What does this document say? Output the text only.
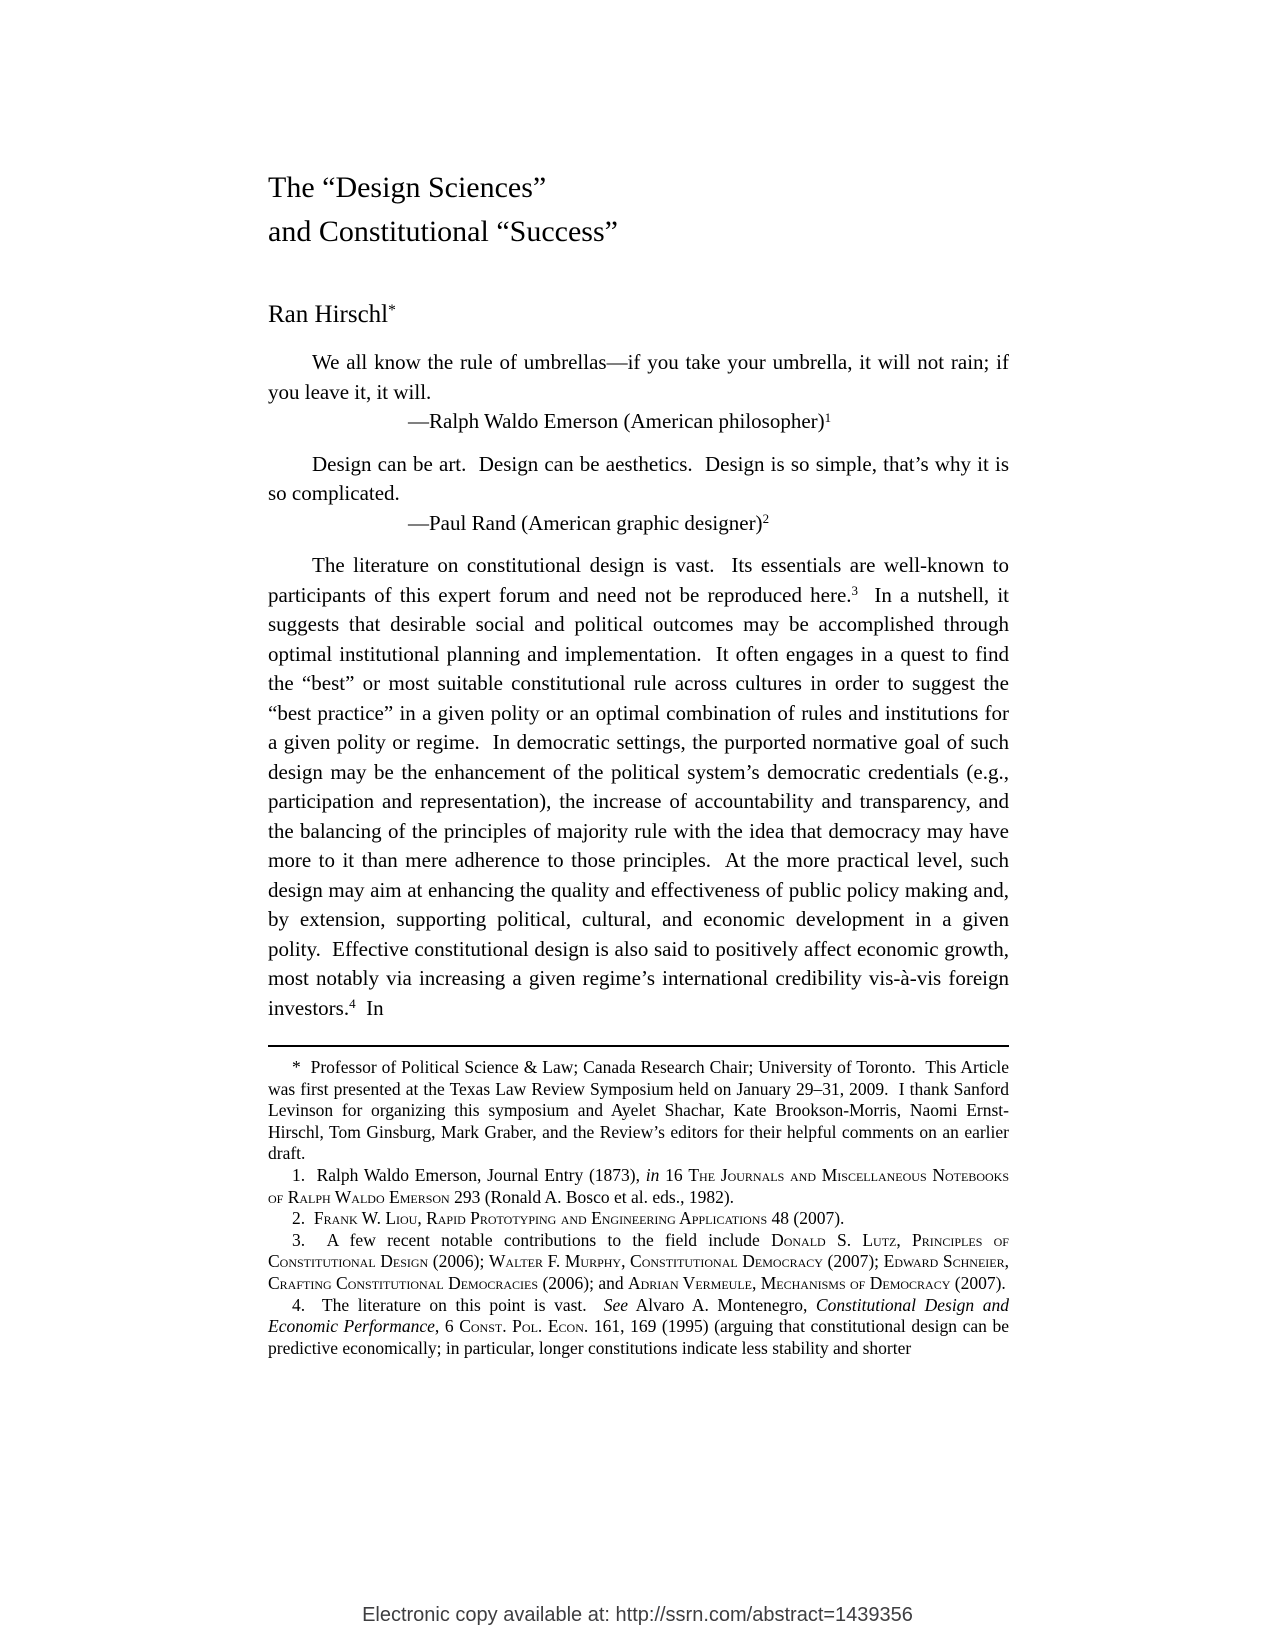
The “Design Sciences”
and Constitutional “Success”
Ran Hirschl*

We all know the rule of umbrellas—if you take your umbrella, it will not rain; if you leave it, it will.

—Ralph Waldo Emerson (American philosopher)$^1$

Design can be art.  Design can be aesthetics.  Design is so simple, that’s why it is so complicated.

—Paul Rand (American graphic designer)$^2$

The literature on constitutional design is vast.  Its essentials are well-known to participants of this expert forum and need not be reproduced here.$^3$  In a nutshell, it suggests that desirable social and political outcomes may be accomplished through optimal institutional planning and implementation.  It often engages in a quest to find the “best” or most suitable constitutional rule across cultures in order to suggest the “best practice” in a given polity or an optimal combination of rules and institutions for a given polity or regime.  In democratic settings, the purported normative goal of such design may be the enhancement of the political system’s democratic credentials (e.g., participation and representation), the increase of accountability and transparency, and the balancing of the principles of majority rule with the idea that democracy may have more to it than mere adherence to those principles.  At the more practical level, such design may aim at enhancing the quality and effectiveness of public policy making and, by extension, supporting political, cultural, and economic development in a given polity.  Effective constitutional design is also said to positively affect economic growth, most notably via increasing a given regime’s international credibility vis-à-vis foreign investors.$^4$  In

*  Professor of Political Science & Law; Canada Research Chair; University of Toronto.  This Article was first presented at the Texas Law Review Symposium held on January 29–31, 2009.  I thank Sanford Levinson for organizing this symposium and Ayelet Shachar, Kate Brookson-Morris, Naomi Ernst-Hirschl, Tom Ginsburg, Mark Graber, and the Review’s editors for their helpful comments on an earlier draft.

1.  Ralph Waldo Emerson, Journal Entry (1873), in 16 The Journals and Miscellaneous Notebooks of Ralph Waldo Emerson 293 (Ronald A. Bosco et al. eds., 1982).

2.  Frank W. Liou, Rapid Prototyping and Engineering Applications 48 (2007).

3.  A few recent notable contributions to the field include Donald S. Lutz, Principles of Constitutional Design (2006); Walter F. Murphy, Constitutional Democracy (2007); Edward Schneier, Crafting Constitutional Democracies (2006); and Adrian Vermeule, Mechanisms of Democracy (2007).

4.  The literature on this point is vast.  See Alvaro A. Montenegro, Constitutional Design and Economic Performance, 6 Const. Pol. Econ. 161, 169 (1995) (arguing that constitutional design can be predictive economically; in particular, longer constitutions indicate less stability and shorter

Electronic copy available at: http://ssrn.com/abstract=1439356
